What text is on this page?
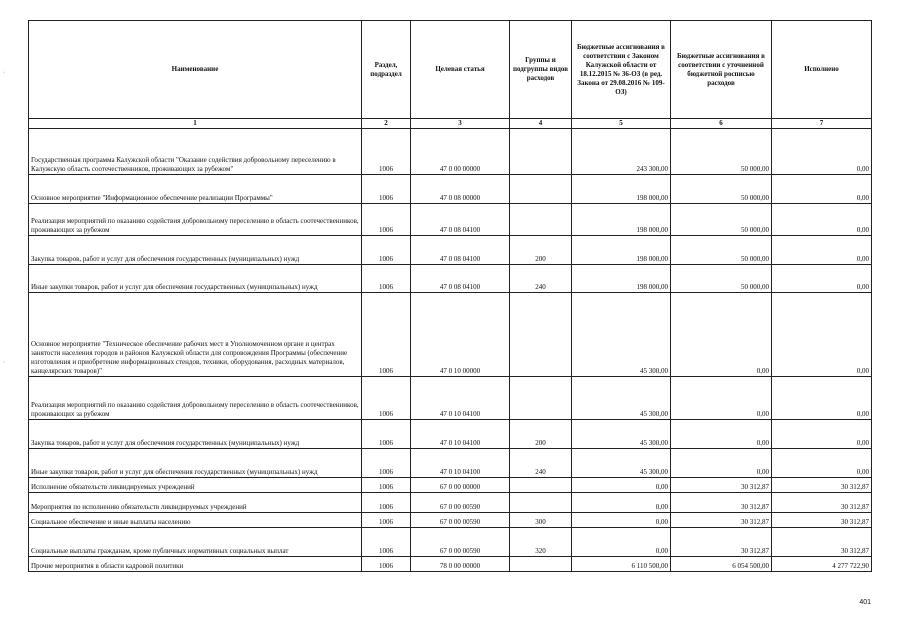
·
·
Наименование	Раздел, подраздел	Целевая статья	Группы и подгруппы видов расходов	Бюджетные ассигнования в соответствии с Законом Калужской области от 18.12.2015 № 36-ОЗ (в ред. Закона от 29.08.2016 № 109-ОЗ)	Бюджетные ассигнования в соответствии с уточненной бюджетной росписью расходов	Исполнено
1	2	3	4	5	6	7
Государственная программа Калужской области "Оказание содействия добровольному переселению в Калужскую область соотечественников, проживающих за рубежом"	1006	47 0 00 00000		243 300,00	50 000,00	0,00
Основное мероприятие "Информационное обеспечение реализации Программы"	1006	47 0 08 00000		198 000,00	50 000,00	0,00
Реализация мероприятий по оказанию содействия добровольному переселению в область соотечественников, проживающих за рубежом	1006	47 0 08 04100		198 000,00	50 000,00	0,00
Закупка товаров, работ и услуг для обеспечения государственных (муниципальных) нужд	1006	47 0 08 04100	200	198 000,00	50 000,00	0,00
Иные закупки товаров, работ и услуг для обеспечения государственных (муниципальных) нужд	1006	47 0 08 04100	240	198 000,00	50 000,00	0,00
Основное мероприятие "Техническое обеспечение рабочих мест в Уполномоченном органе и центрах занятости населения городов и районов Калужской области для сопровождения Программы (обеспечение изготовления и приобретение информационных стендов, техники, оборудования, расходных материалов, канцелярских товаров)"	1006	47 0 10 00000		45 300,00	0,00	0,00
Реализация мероприятий по оказанию содействия добровольному переселению в область соотечественников, проживающих за рубежом	1006	47 0 10 04100		45 300,00	0,00	0,00
Закупка товаров, работ и услуг для обеспечения государственных (муниципальных) нужд	1006	47 0 10 04100	200	45 300,00	0,00	0,00
Иные закупки товаров, работ и услуг для обеспечения государственных (муниципальных) нужд	1006	47 0 10 04100	240	45 300,00	0,00	0,00
Исполнение обязательств ликвидируемых учреждений	1006	67 0 00 00000		0,00	30 312,87	30 312,87
Мероприятия по исполнению обязательств ликвидируемых учреждений	1006	67 0 00 00590		0,00	30 312,87	30 312,87
Социальное обеспечение и иные выплаты населению	1006	67 0 00 00590	300	0,00	30 312,87	30 312,87
Социальные выплаты гражданам, кроме публичных нормативных социальных выплат	1006	67 0 00 00590	320	0,00	30 312,87	30 312,87
Прочие мероприятия в области кадровой политики	1006	78 0 00 00000		6 110 500,00	6 054 500,00	4 277 722,90
401
